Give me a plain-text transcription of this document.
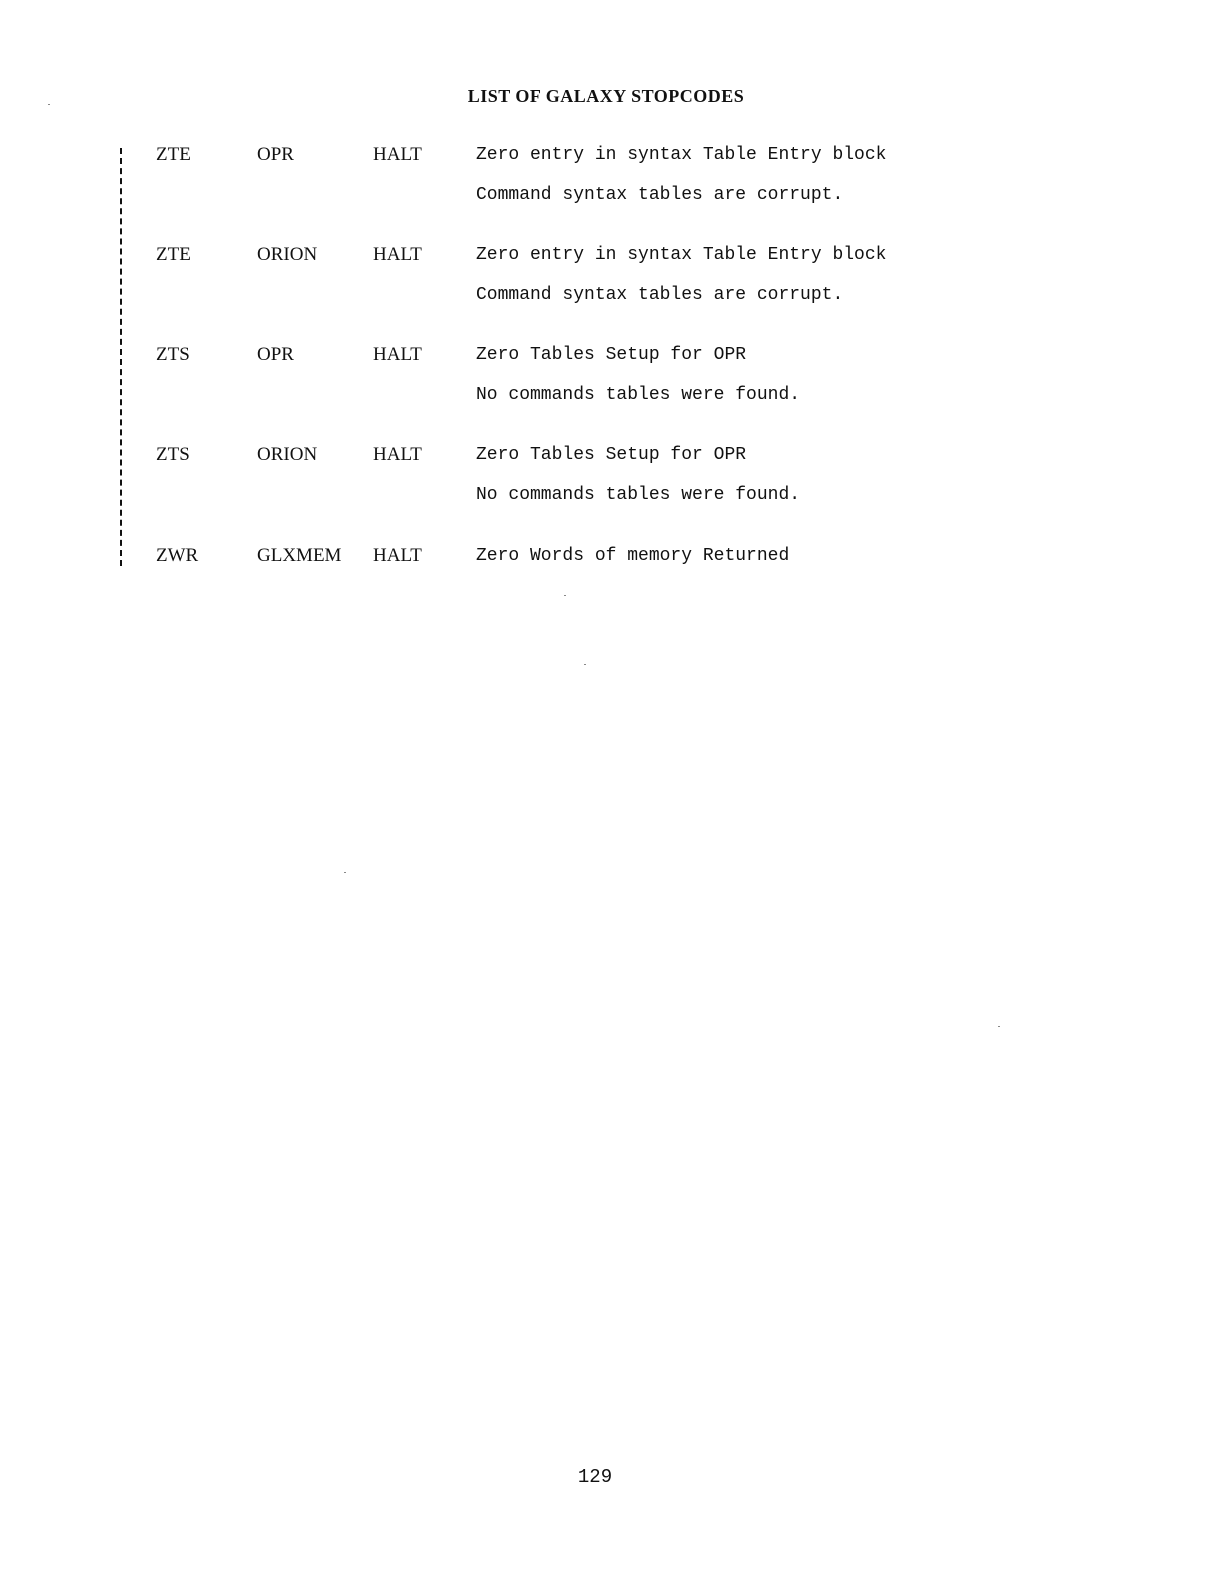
LIST OF GALAXY STOPCODES
ZTE	OPR	HALT	Zero entry in syntax Table Entry block
Command syntax tables are corrupt.
ZTE	ORION	HALT	Zero entry in syntax Table Entry block
Command syntax tables are corrupt.
ZTS	OPR	HALT	Zero Tables Setup for OPR
No commands tables were found.
ZTS	ORION	HALT	Zero Tables Setup for OPR
No commands tables were found.
ZWR	GLXMEM HALT	Zero Words of memory Returned
129
